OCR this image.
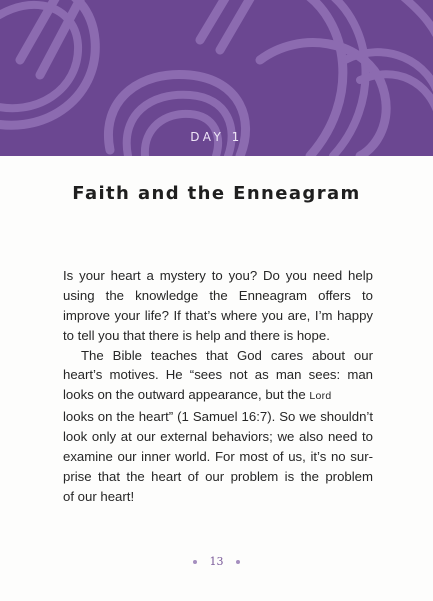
DAY 1
Faith and the Enneagram
Is your heart a mystery to you? Do you need help
using the knowledge the Enneagram offers to
improve your life? If that’s where you are, I’m happy
to tell you that there is help and there is hope.
The Bible teaches that God cares about our
heart’s motives. He “sees not as man sees: man
looks on the outward appearance, but the Lord
looks on the heart” (1 Samuel 16:7). So we shouldn’t
look only at our external behaviors; we also need to
examine our inner world. For most of us, it’s no sur-
prise that the heart of our problem is the problem
of our heart!
13
